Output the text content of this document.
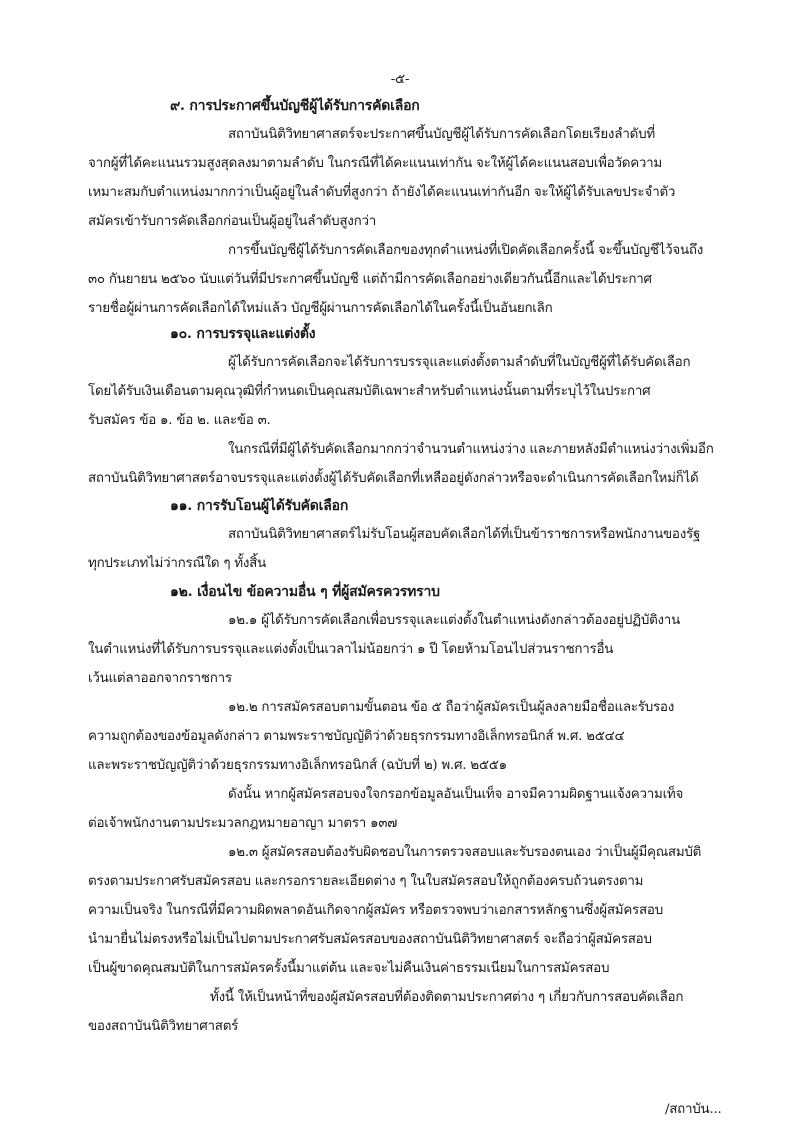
-๕-
๙. การประกาศขึ้นบัญชีผู้ได้รับการคัดเลือก
สถาบันนิติวิทยาศาสตร์จะประกาศขึ้นบัญชีผู้ได้รับการคัดเลือกโดยเรียงลำดับที่
จากผู้ที่ได้คะแนนรวมสูงสุดลงมาตามลำดับ ในกรณีที่ได้คะแนนเท่ากัน จะให้ผู้ได้คะแนนสอบเพื่อวัดความ
เหมาะสมกับตำแหน่งมากกว่าเป็นผู้อยู่ในลำดับที่สูงกว่า ถ้ายังได้คะแนนเท่ากันอีก จะให้ผู้ได้รับเลขประจำตัว
สมัครเข้ารับการคัดเลือกก่อนเป็นผู้อยู่ในลำดับสูงกว่า
การขึ้นบัญชีผู้ได้รับการคัดเลือกของทุกตำแหน่งที่เปิดคัดเลือกครั้งนี้ จะขึ้นบัญชีไว้จนถึง
๓๐ กันยายน ๒๕๖๐ นับแต่วันที่มีประกาศขึ้นบัญชี แต่ถ้ามีการคัดเลือกอย่างเดียวกันนี้อีกและได้ประกาศ
รายชื่อผู้ผ่านการคัดเลือกได้ใหม่แล้ว บัญชีผู้ผ่านการคัดเลือกได้ในครั้งนี้เป็นอันยกเลิก
๑๐. การบรรจุและแต่งตั้ง
ผู้ได้รับการคัดเลือกจะได้รับการบรรจุและแต่งตั้งตามลำดับที่ในบัญชีผู้ที่ได้รับคัดเลือก
โดยได้รับเงินเดือนตามคุณวุฒิที่กำหนดเป็นคุณสมบัติเฉพาะสำหรับตำแหน่งนั้นตามที่ระบุไว้ในประกาศ
รับสมัคร ข้อ ๑. ข้อ ๒. และข้อ ๓.
ในกรณีที่มีผู้ได้รับคัดเลือกมากกว่าจำนวนตำแหน่งว่าง และภายหลังมีตำแหน่งว่างเพิ่มอีก
สถาบันนิติวิทยาศาสตร์อาจบรรจุและแต่งตั้งผู้ได้รับคัดเลือกที่เหลืออยู่ดังกล่าวหรือจะดำเนินการคัดเลือกใหม่ก็ได้
๑๑. การรับโอนผู้ได้รับคัดเลือก
สถาบันนิติวิทยาศาสตร์ไม่รับโอนผู้สอบคัดเลือกได้ที่เป็นข้าราชการหรือพนักงานของรัฐ
ทุกประเภทไม่ว่ากรณีใด ๆ ทั้งสิ้น
๑๒. เงื่อนไข ข้อความอื่น ๆ ที่ผู้สมัครควรทราบ
๑๒.๑ ผู้ได้รับการคัดเลือกเพื่อบรรจุและแต่งตั้งในตำแหน่งดังกล่าวต้องอยู่ปฏิบัติงาน
ในตำแหน่งที่ได้รับการบรรจุและแต่งตั้งเป็นเวลาไม่น้อยกว่า ๑ ปี โดยห้ามโอนไปส่วนราชการอื่น
เว้นแต่ลาออกจากราชการ
๑๒.๒ การสมัครสอบตามขั้นตอน ข้อ ๕ ถือว่าผู้สมัครเป็นผู้ลงลายมือชื่อและรับรอง
ความถูกต้องของข้อมูลดังกล่าว ตามพระราชบัญญัติว่าด้วยธุรกรรมทางอิเล็กทรอนิกส์ พ.ศ. ๒๕๔๔
และพระราชบัญญัติว่าด้วยธุรกรรมทางอิเล็กทรอนิกส์ (ฉบับที่ ๒) พ.ศ. ๒๕๕๑
ดังนั้น หากผู้สมัครสอบจงใจกรอกข้อมูลอันเป็นเท็จ อาจมีความผิดฐานแจ้งความเท็จ
ต่อเจ้าพนักงานตามประมวลกฎหมายอาญา มาตรา ๑๓๗
๑๒.๓ ผู้สมัครสอบต้องรับผิดชอบในการตรวจสอบและรับรองตนเอง ว่าเป็นผู้มีคุณสมบัติ
ตรงตามประกาศรับสมัครสอบ และกรอกรายละเอียดต่าง ๆ ในใบสมัครสอบให้ถูกต้องครบถ้วนตรงตาม
ความเป็นจริง ในกรณีที่มีความผิดพลาดอันเกิดจากผู้สมัคร หรือตรวจพบว่าเอกสารหลักฐานซึ่งผู้สมัครสอบ
นำมายื่นไม่ตรงหรือไม่เป็นไปตามประกาศรับสมัครสอบของสถาบันนิติวิทยาศาสตร์ จะถือว่าผู้สมัครสอบ
เป็นผู้ขาดคุณสมบัติในการสมัครครั้งนี้มาแต่ต้น และจะไม่คืนเงินค่าธรรมเนียมในการสมัครสอบ
ทั้งนี้ ให้เป็นหน้าที่ของผู้สมัครสอบที่ต้องติดตามประกาศต่าง ๆ เกี่ยวกับการสอบคัดเลือก
ของสถาบันนิติวิทยาศาสตร์
/สถาบัน...
